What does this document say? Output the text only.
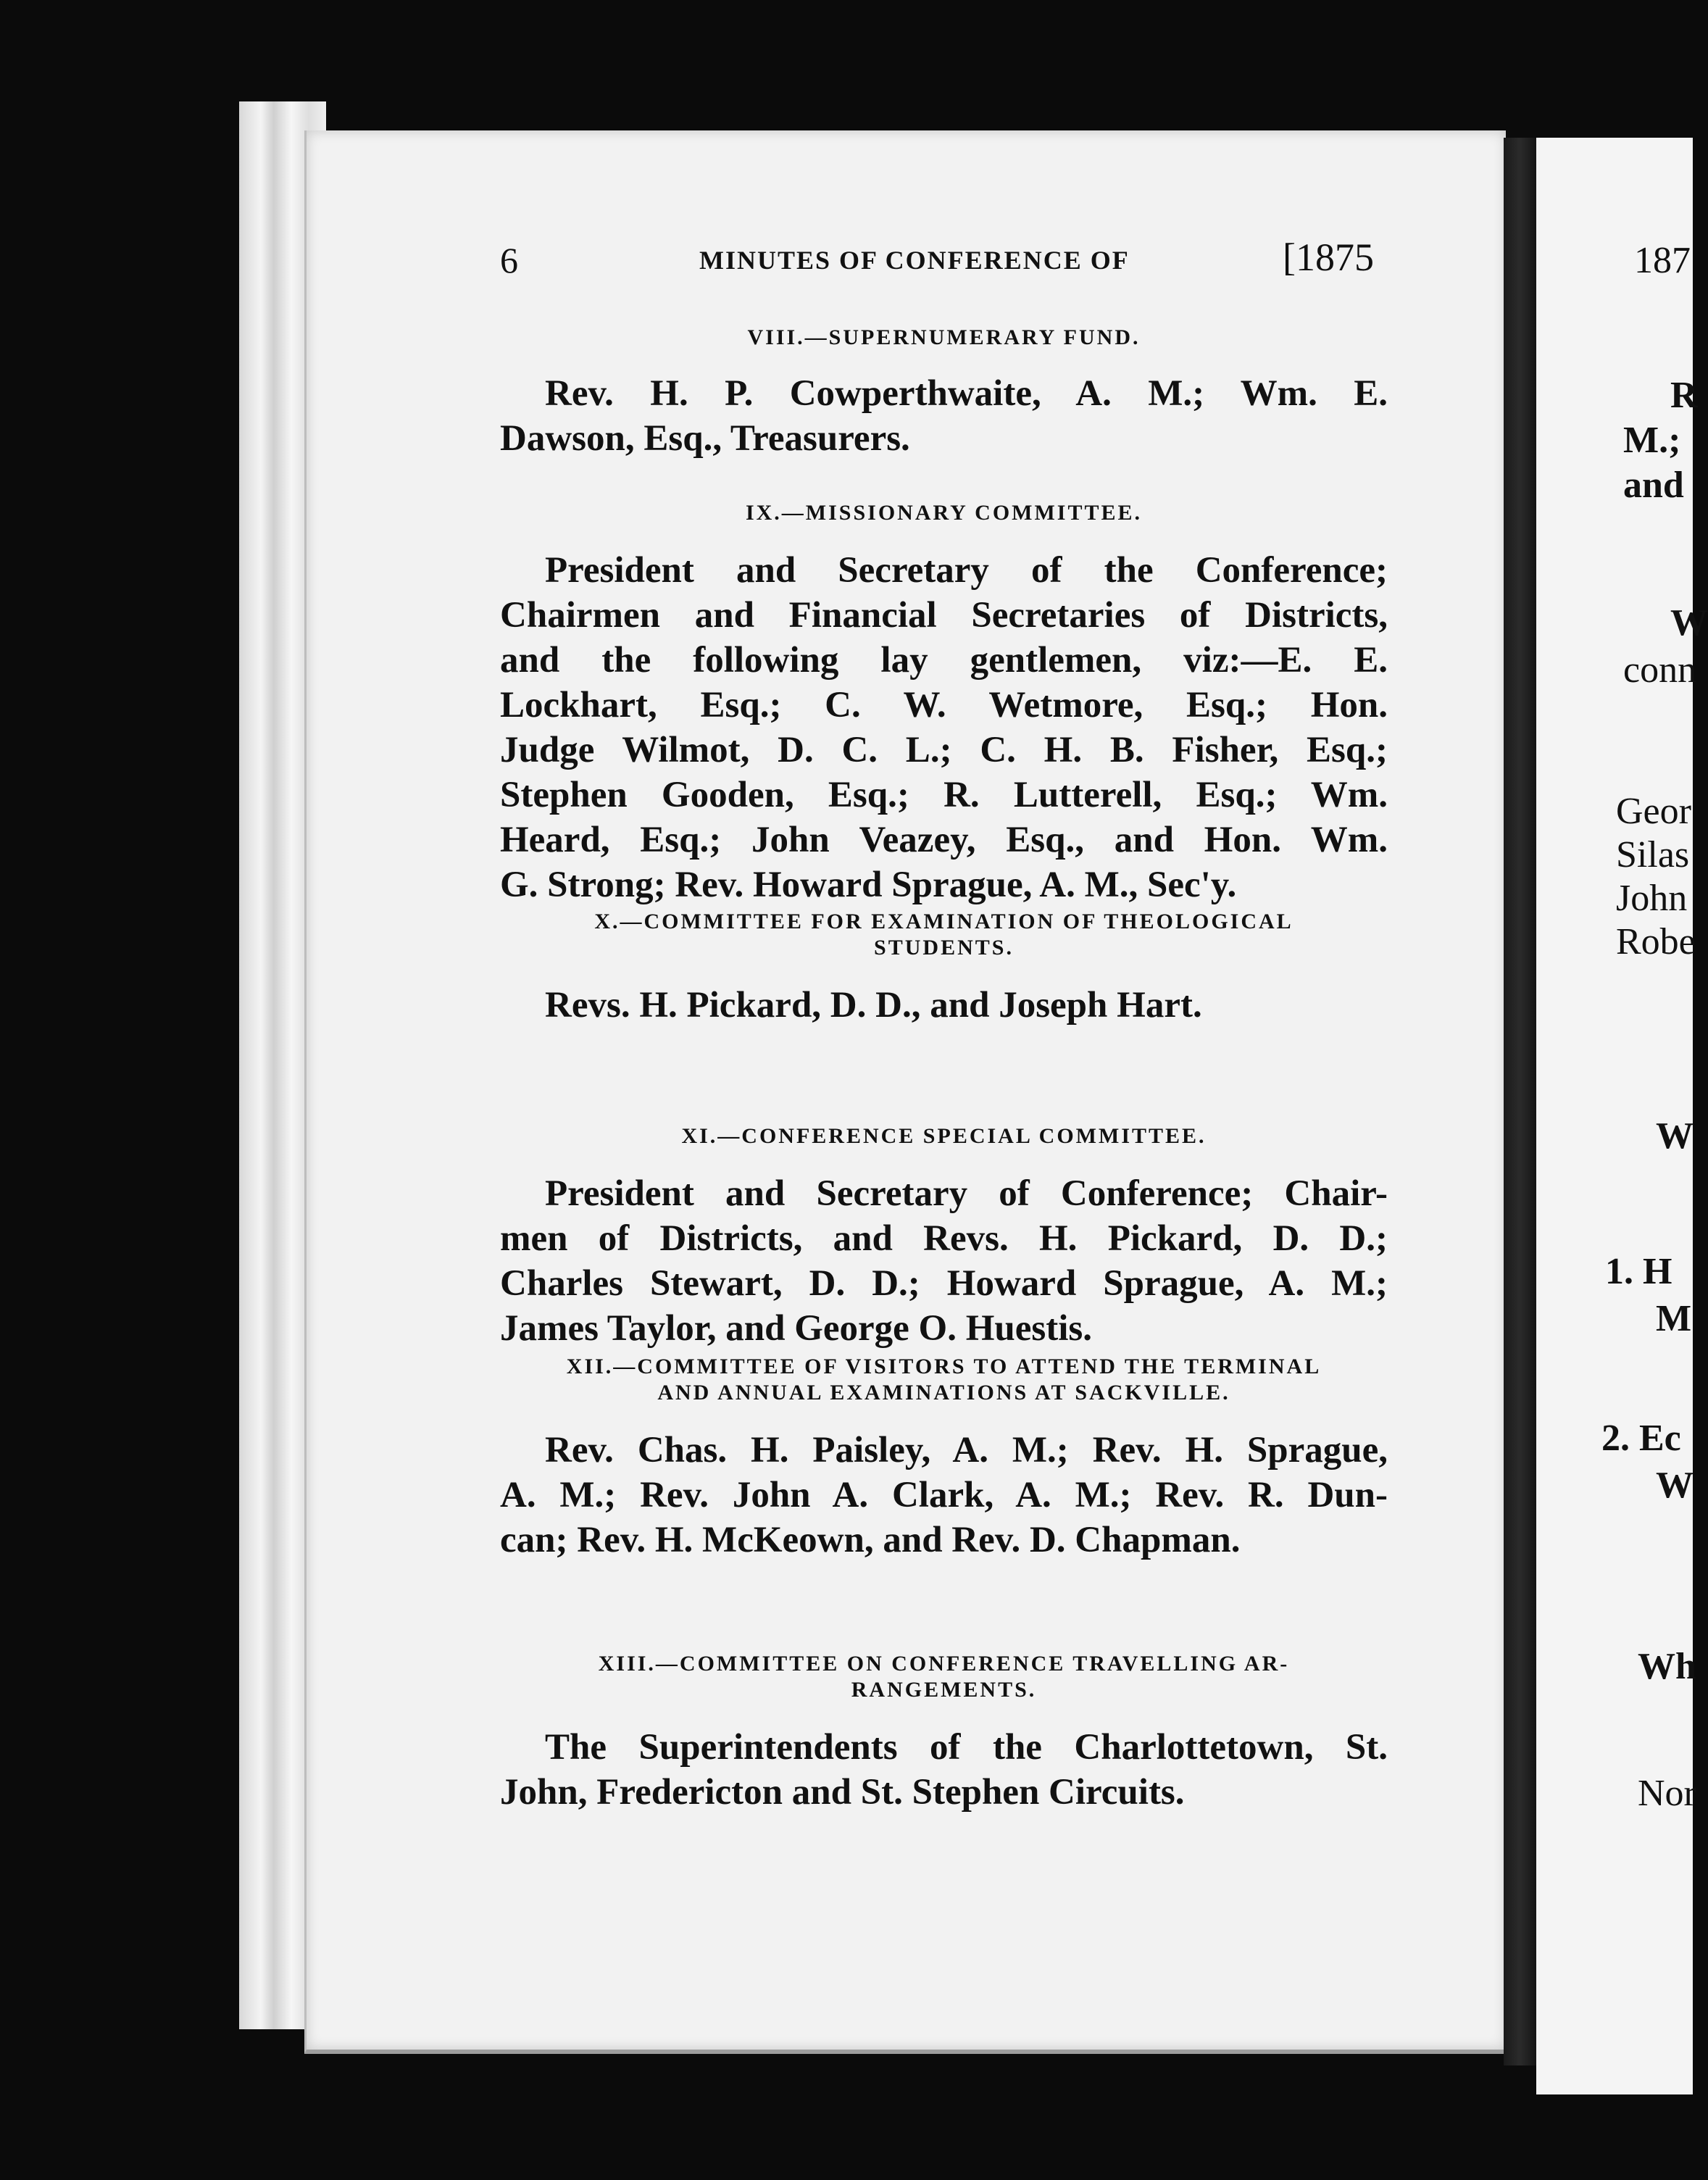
6	MINUTES OF CONFERENCE OF	[1875
VIII.—SUPERNUMERARY FUND.
Rev. H. P. Cowperthwaite, A. M.; Wm. E.
Dawson, Esq., Treasurers.
IX.—MISSIONARY COMMITTEE.
President and Secretary of the Conference;
Chairmen and Financial Secretaries of Districts,
and the following lay gentlemen, viz:—E. E.
Lockhart, Esq.; C. W. Wetmore, Esq.; Hon.
Judge Wilmot, D. C. L.; C. H. B. Fisher, Esq.;
Stephen Gooden, Esq.; R. Lutterell, Esq.; Wm.
Heard, Esq.; John Veazey, Esq., and Hon. Wm.
G. Strong; Rev. Howard Sprague, A. M., Sec'y.
X.—COMMITTEE FOR EXAMINATION OF THEOLOGICAL
STUDENTS.
Revs. H. Pickard, D. D., and Joseph Hart.
XI.—CONFERENCE SPECIAL COMMITTEE.
President and Secretary of Conference; Chair-
men of Districts, and Revs. H. Pickard, D. D.;
Charles Stewart, D. D.; Howard Sprague, A. M.;
James Taylor, and George O. Huestis.
XII.—COMMITTEE OF VISITORS TO ATTEND THE TERMINAL
AND ANNUAL EXAMINATIONS AT SACKVILLE.
Rev. Chas. H. Paisley, A. M.; Rev. H. Sprague,
A. M.; Rev. John A. Clark, A. M.; Rev. R. Dun-
can; Rev. H. McKeown, and Rev. D. Chapman.
XIII.—COMMITTEE ON CONFERENCE TRAVELLING AR-
RANGEMENTS.
The Superintendents of the Charlottetown, St.
John, Fredericton and St. Stephen Circuits.
187
R
M.;
and
W
conn
Geor
Silas
John
Robe
W
1. H
M
2. Ec
W
Wh
Nor
